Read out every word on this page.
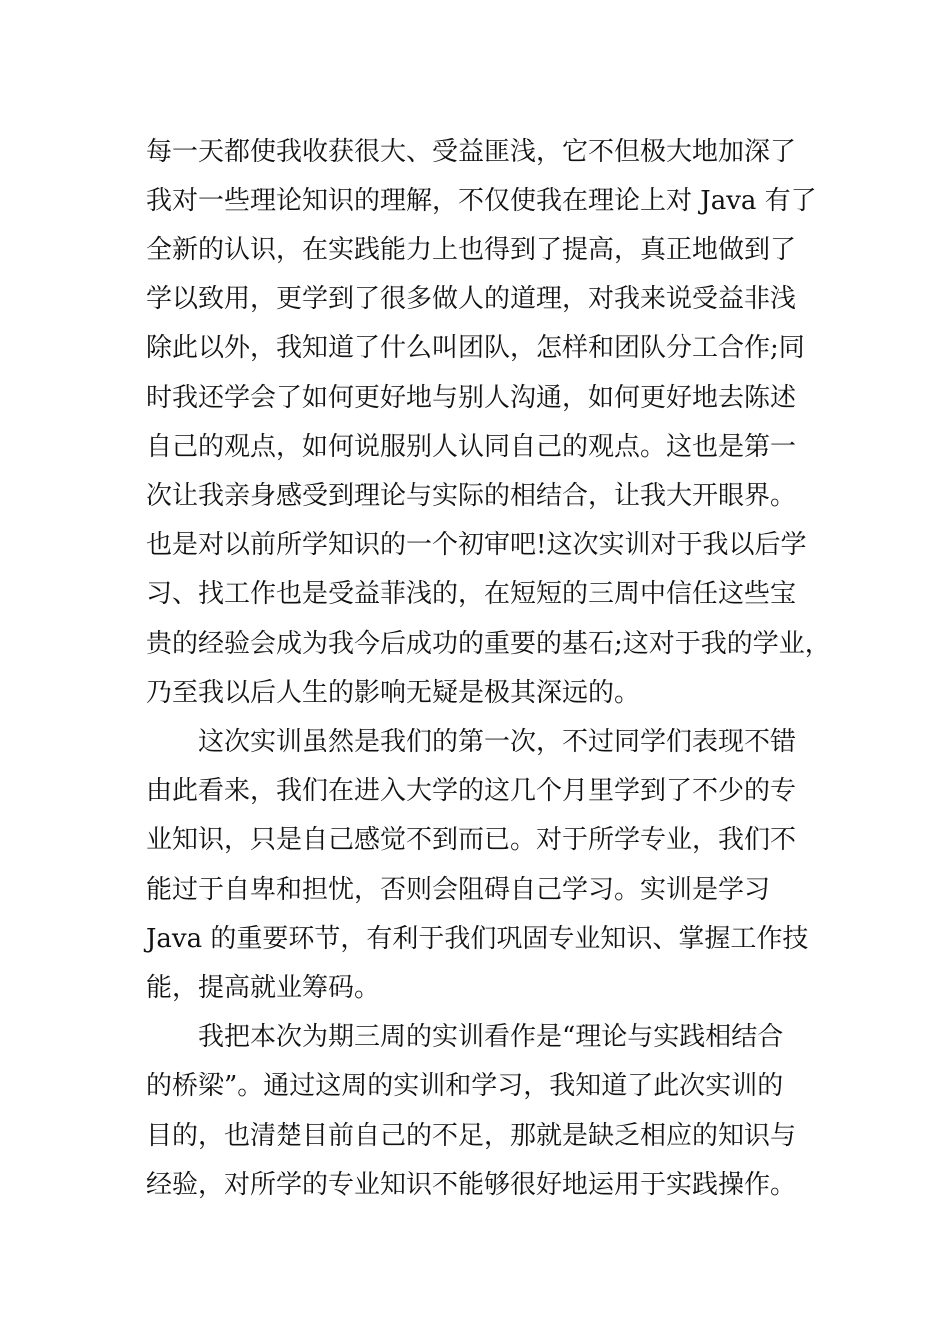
每一天都使我收获很大、受益匪浅，它不但极大地加深了
我对一些理论知识的理解，不仅使我在理论上对 Java 有了
全新的认识，在实践能力上也得到了提高，真正地做到了
学以致用，更学到了很多做人的道理，对我来说受益非浅
除此以外，我知道了什么叫团队，怎样和团队分工合作;同
时我还学会了如何更好地与别人沟通，如何更好地去陈述
自己的观点，如何说服别人认同自己的观点。这也是第一
次让我亲身感受到理论与实际的相结合，让我大开眼界。
也是对以前所学知识的一个初审吧!这次实训对于我以后学
习、找工作也是受益菲浅的，在短短的三周中信任这些宝
贵的经验会成为我今后成功的重要的基石;这对于我的学业，
乃至我以后人生的影响无疑是极其深远的。
这次实训虽然是我们的第一次，不过同学们表现不错
由此看来，我们在进入大学的这几个月里学到了不少的专
业知识，只是自己感觉不到而已。对于所学专业，我们不
能过于自卑和担忧，否则会阻碍自己学习。实训是学习
Java 的重要环节，有利于我们巩固专业知识、掌握工作技
能，提高就业筹码。
我把本次为期三周的实训看作是“理论与实践相结合
的桥梁”。通过这周的实训和学习，我知道了此次实训的
目的，也清楚目前自己的不足，那就是缺乏相应的知识与
经验，对所学的专业知识不能够很好地运用于实践操作。
